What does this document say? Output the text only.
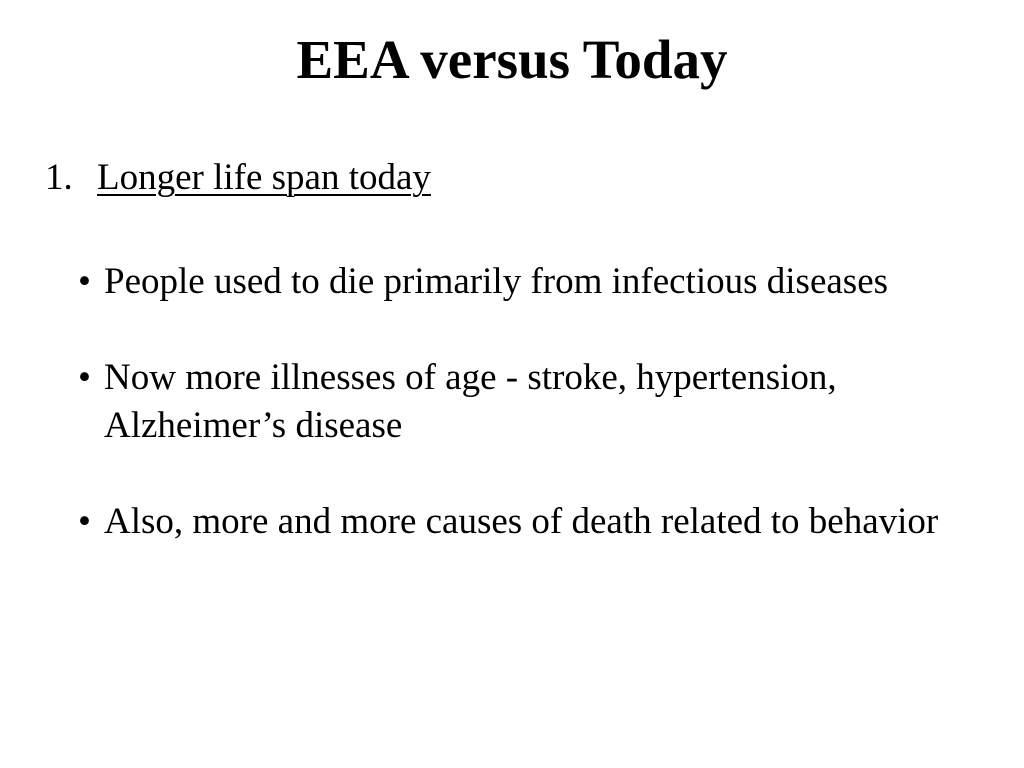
EEA versus Today
1. Longer life span today
• People used to die primarily from infectious diseases
• Now more illnesses of age - stroke, hypertension, Alzheimer’s disease
• Also, more and more causes of death related to behavior
